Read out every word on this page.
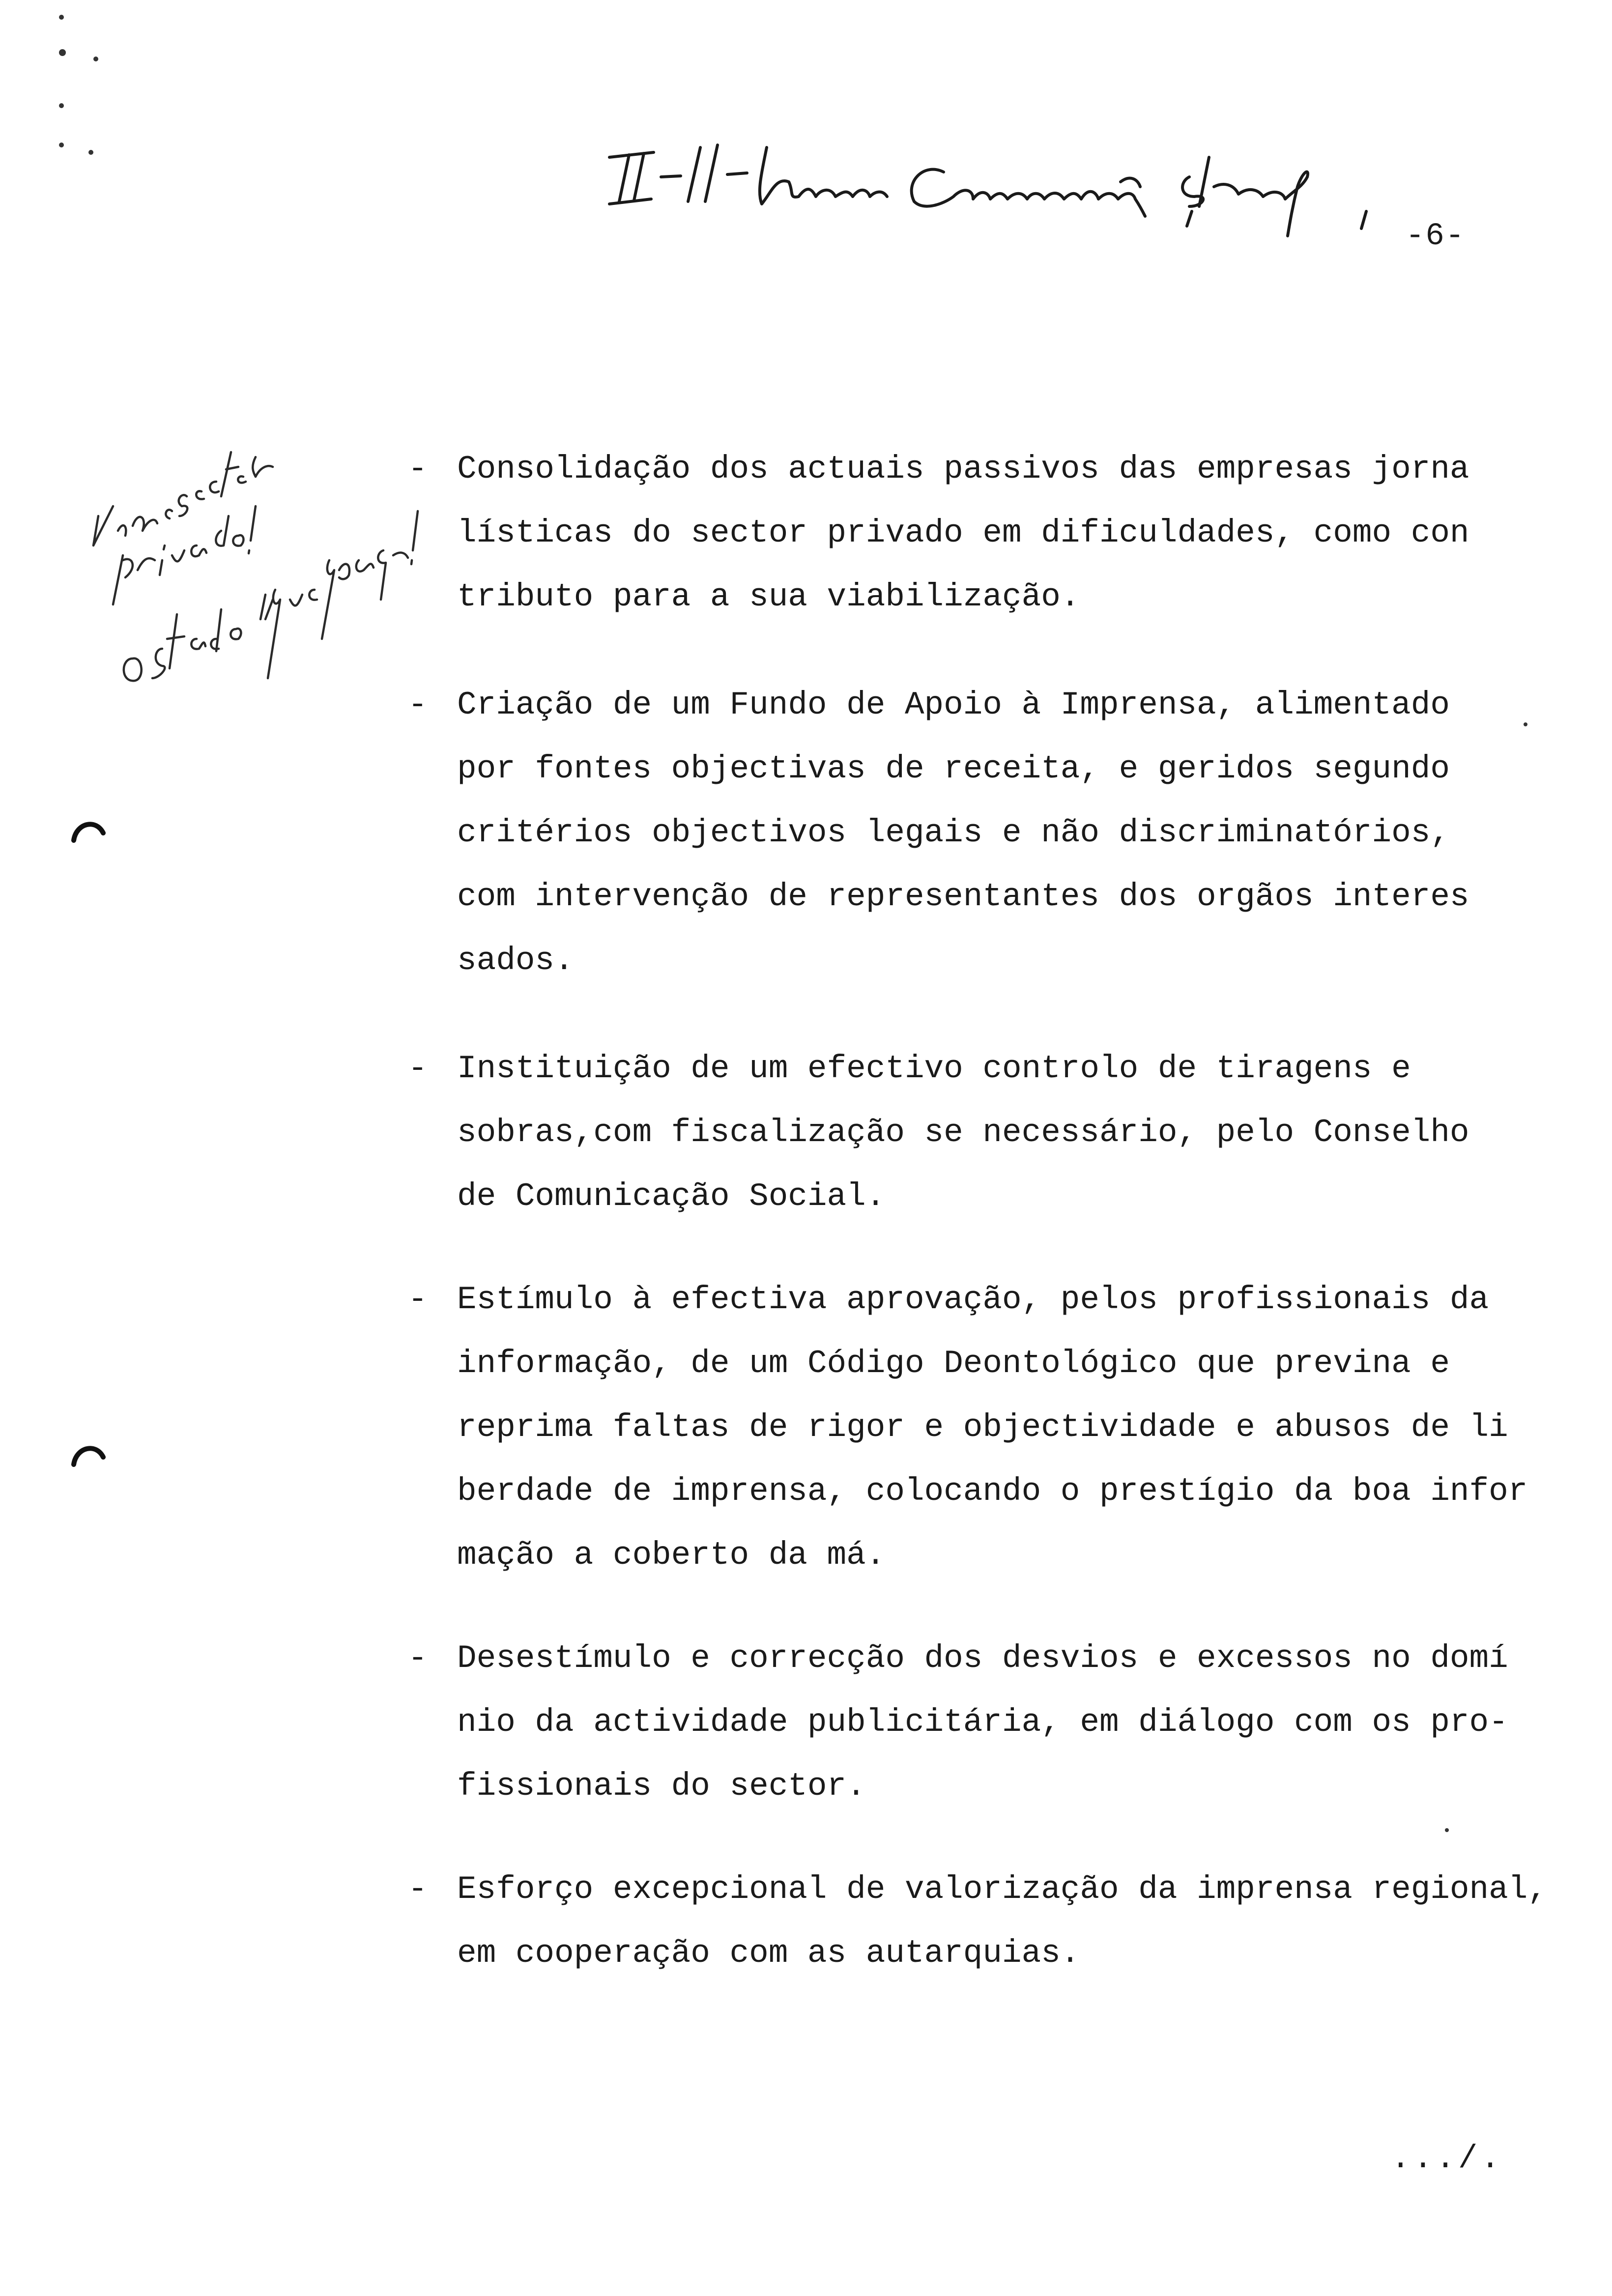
-6-
- Consolidação dos actuais passivos das empresas jorna
lísticas do sector privado em dificuldades, como con
tributo para a sua viabilização.
- Criação de um Fundo de Apoio à Imprensa, alimentado
por fontes objectivas de receita, e geridos segundo
critérios objectivos legais e não discriminatórios,
com intervenção de representantes dos orgãos interes
sados.
- Instituição de um efectivo controlo de tiragens e
sobras,com fiscalização se necessário, pelo Conselho
de Comunicação Social.
- Estímulo à efectiva aprovação, pelos profissionais da
informação, de um Código Deontológico que previna e
reprima faltas de rigor e objectividade e abusos de li
berdade de imprensa, colocando o prestígio da boa infor
mação a coberto da má.
- Desestímulo e correcção dos desvios e excessos no domí
nio da actividade publicitária, em diálogo com os pro-
fissionais do sector.
- Esforço excepcional de valorização da imprensa regional,
em cooperação com as autarquias.
.../.
